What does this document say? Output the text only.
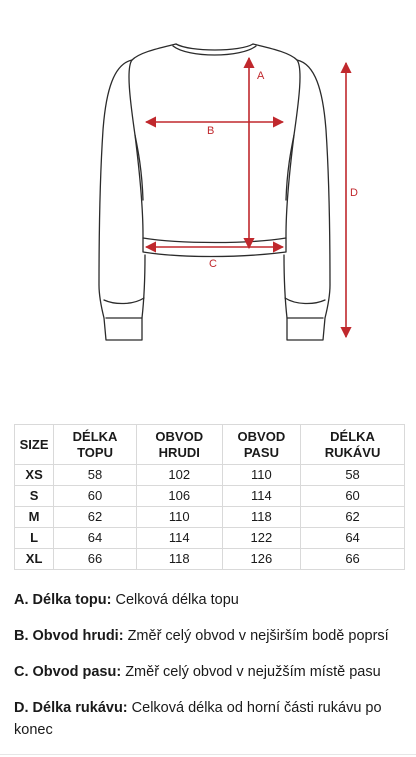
A
B
C
D
SIZE	DÉLKA TOPU	OBVOD HRUDI	OBVOD PASU	DÉLKA RUKÁVU
XS	58	102	110	58
S	60	106	114	60
M	62	110	118	62
L	64	114	122	64
XL	66	118	126	66

A. Délka topu: Celková délka topu

B. Obvod hrudi: Změř celý obvod v nejširším bodě poprsí

C. Obvod pasu: Změř celý obvod v nejužším místě pasu

D. Délka rukávu: Celková délka od horní části rukávu po konec
